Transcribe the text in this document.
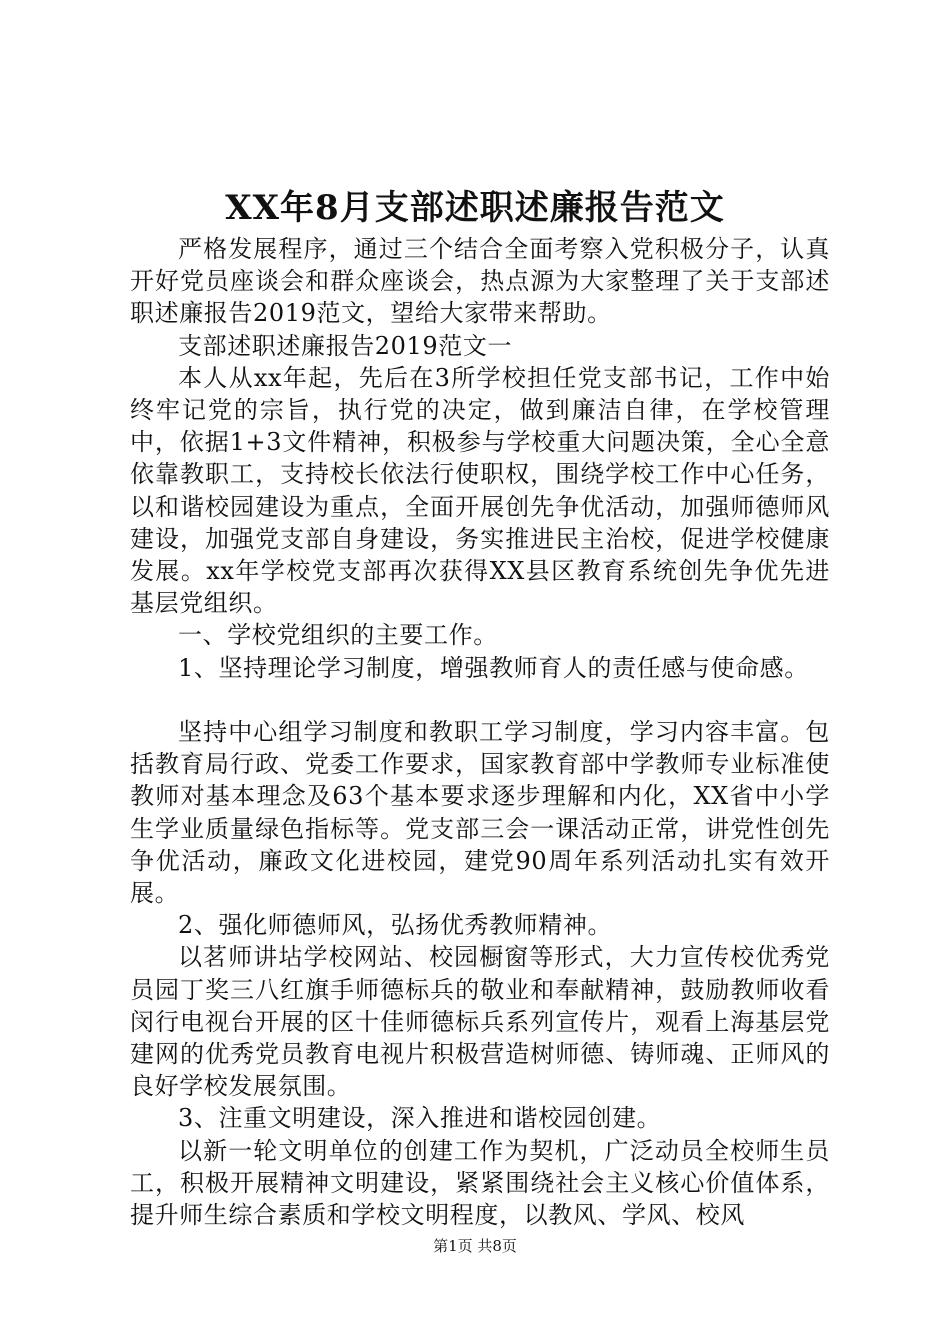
XX年8月支部述职述廉报告范文

严格发展程序，通过三个结合全面考察入党积极分子，认真开好党员座谈会和群众座谈会，热点源为大家整理了关于支部述职述廉报告2019范文，望给大家带来帮助。

支部述职述廉报告2019范文一

本人从xx年起，先后在3所学校担任党支部书记，工作中始终牢记党的宗旨，执行党的决定，做到廉洁自律，在学校管理中，依据1+3文件精神，积极参与学校重大问题决策，全心全意依靠教职工，支持校长依法行使职权，围绕学校工作中心任务，以和谐校园建设为重点，全面开展创先争优活动，加强师德师风建设，加强党支部自身建设，务实推进民主治校，促进学校健康发展。xx年学校党支部再次获得XX县区教育系统创先争优先进基层党组织。

一、学校党组织的主要工作。

1、坚持理论学习制度，增强教师育人的责任感与使命感。

坚持中心组学习制度和教职工学习制度，学习内容丰富。包括教育局行政、党委工作要求，国家教育部中学教师专业标准使教师对基本理念及63个基本要求逐步理解和内化，XX省中小学生学业质量绿色指标等。党支部三会一课活动正常，讲党性创先争优活动，廉政文化进校园，建党90周年系列活动扎实有效开展。

2、强化师德师风，弘扬优秀教师精神。

以茗师讲坫学校网站、校园橱窗等形式，大力宣传校优秀党员园丁奖三八红旗手师德标兵的敬业和奉献精神，鼓励教师收看闵行电视台开展的区十佳师德标兵系列宣传片，观看上海基层党建网的优秀党员教育电视片积极营造树师德、铸师魂、正师风的良好学校发展氛围。

3、注重文明建设，深入推进和谐校园创建。

以新一轮文明单位的创建工作为契机，广泛动员全校师生员工，积极开展精神文明建设，紧紧围绕社会主义核心价值体系，提升师生综合素质和学校文明程度，以教风、学风、校风

第1页 共8页
